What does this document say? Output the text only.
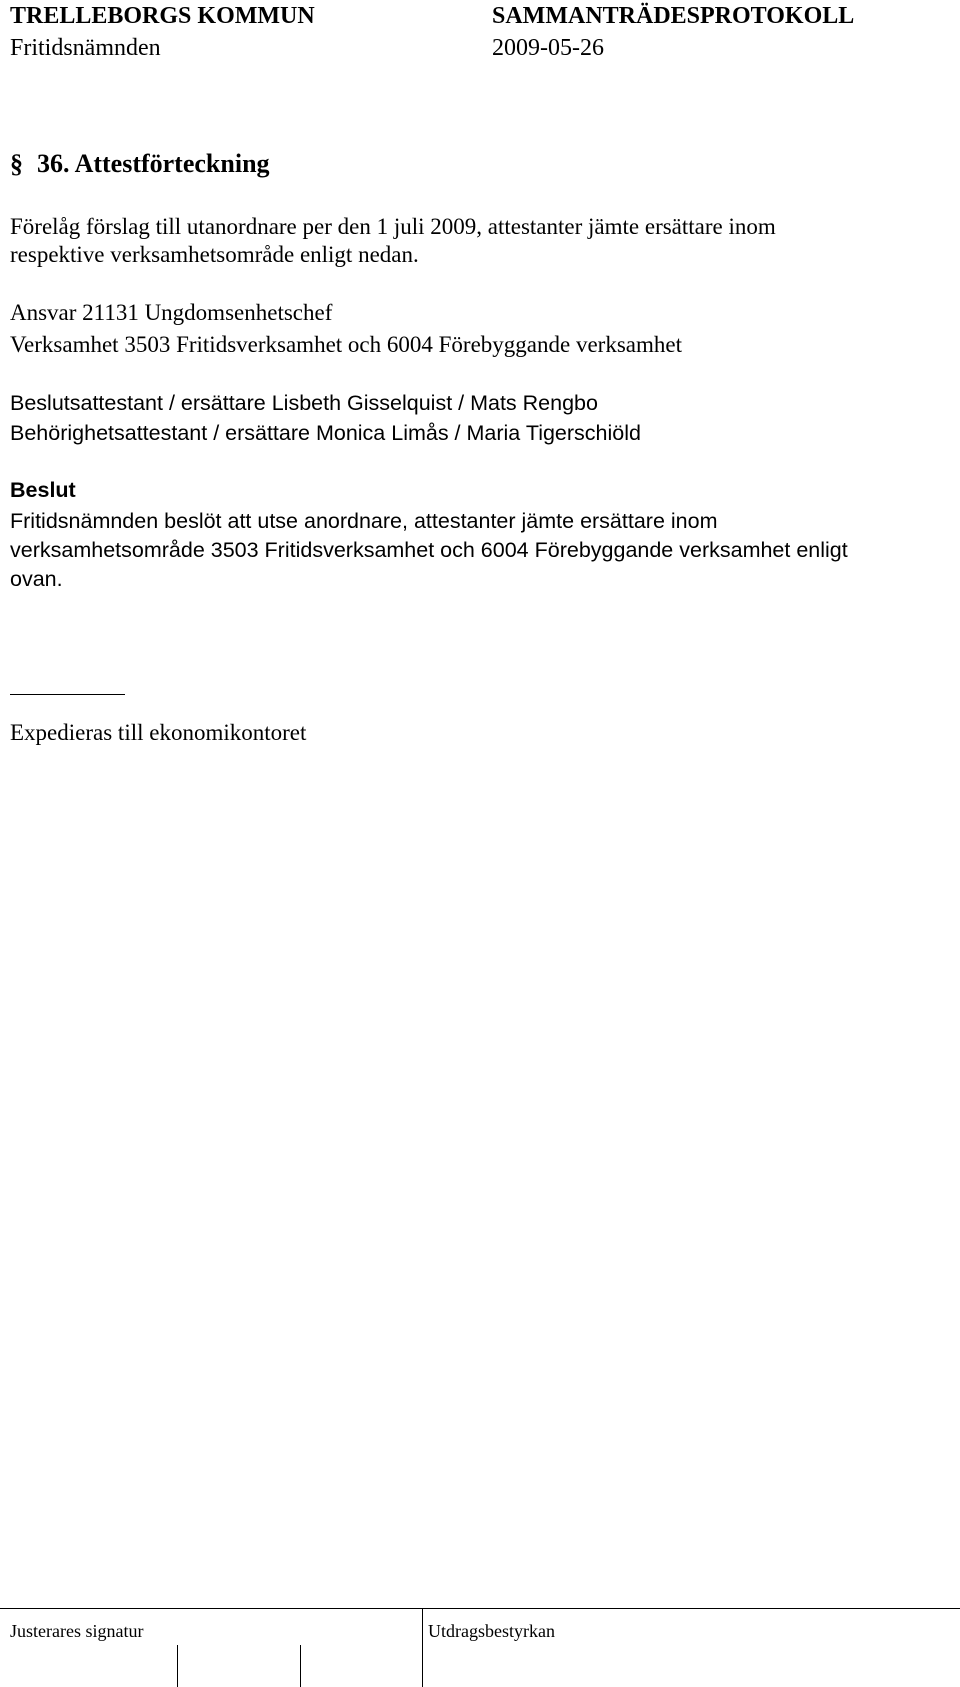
TRELLEBORGS KOMMUN	SAMMANTRÄDESPROTOKOLL
Fritidsnämnden	2009-05-26
§ 36. Attestförteckning
Förelåg förslag till utanordnare per den 1 juli 2009, attestanter jämte ersättare inom
respektive verksamhetsområde enligt nedan.
Ansvar 21131 Ungdomsenhetschef
Verksamhet 3503 Fritidsverksamhet och 6004 Förebyggande verksamhet
Beslutsattestant / ersättare Lisbeth Gisselquist / Mats Rengbo
Behörighetsattestant / ersättare Monica Limås / Maria Tigerschiöld
Beslut
Fritidsnämnden beslöt att utse anordnare, attestanter jämte ersättare inom
verksamhetsområde 3503 Fritidsverksamhet och 6004 Förebyggande verksamhet enligt
ovan.
Expedieras till ekonomikontoret
Justerares signatur	Utdragsbestyrkan
